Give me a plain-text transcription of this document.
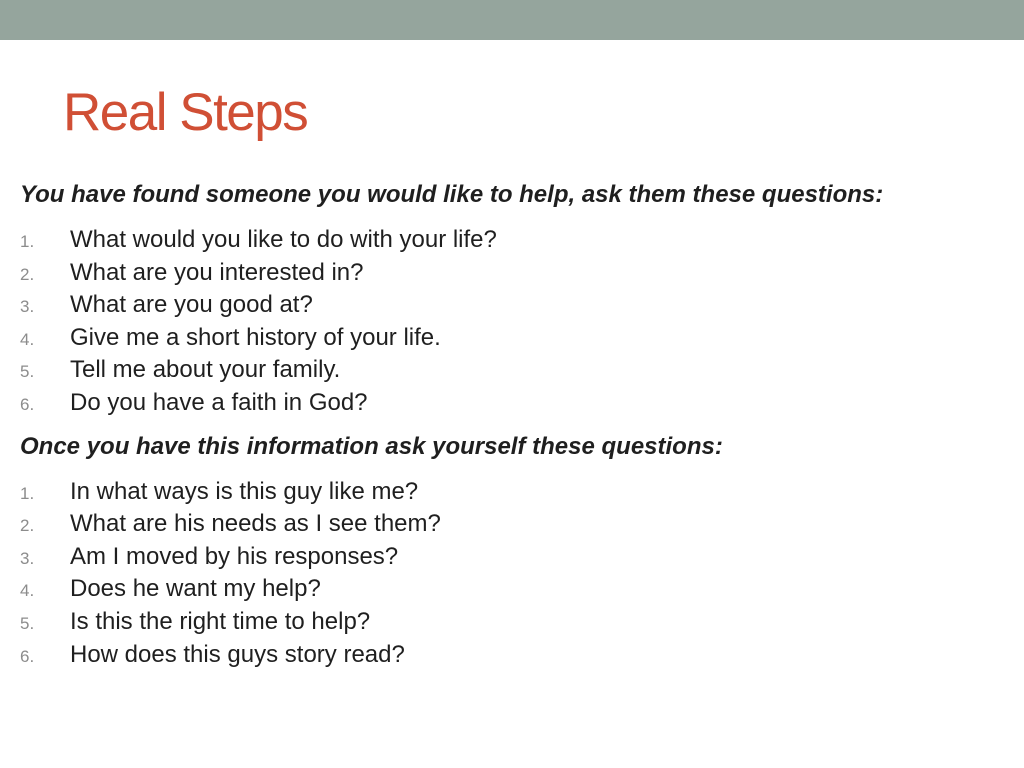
Real Steps

You have found someone you would like to help, ask them these questions:

1. What would you like to do with your life?
2. What are you interested in?
3. What are you good at?
4. Give me a short history of your life.
5. Tell me about your family.
6. Do you have a faith in God?

Once you have this information ask yourself these questions:

1. In what ways is this guy like me?
2. What are his needs as I see them?
3. Am I moved by his responses?
4. Does he want my help?
5. Is this the right time to help?
6. How does this guys story read?
